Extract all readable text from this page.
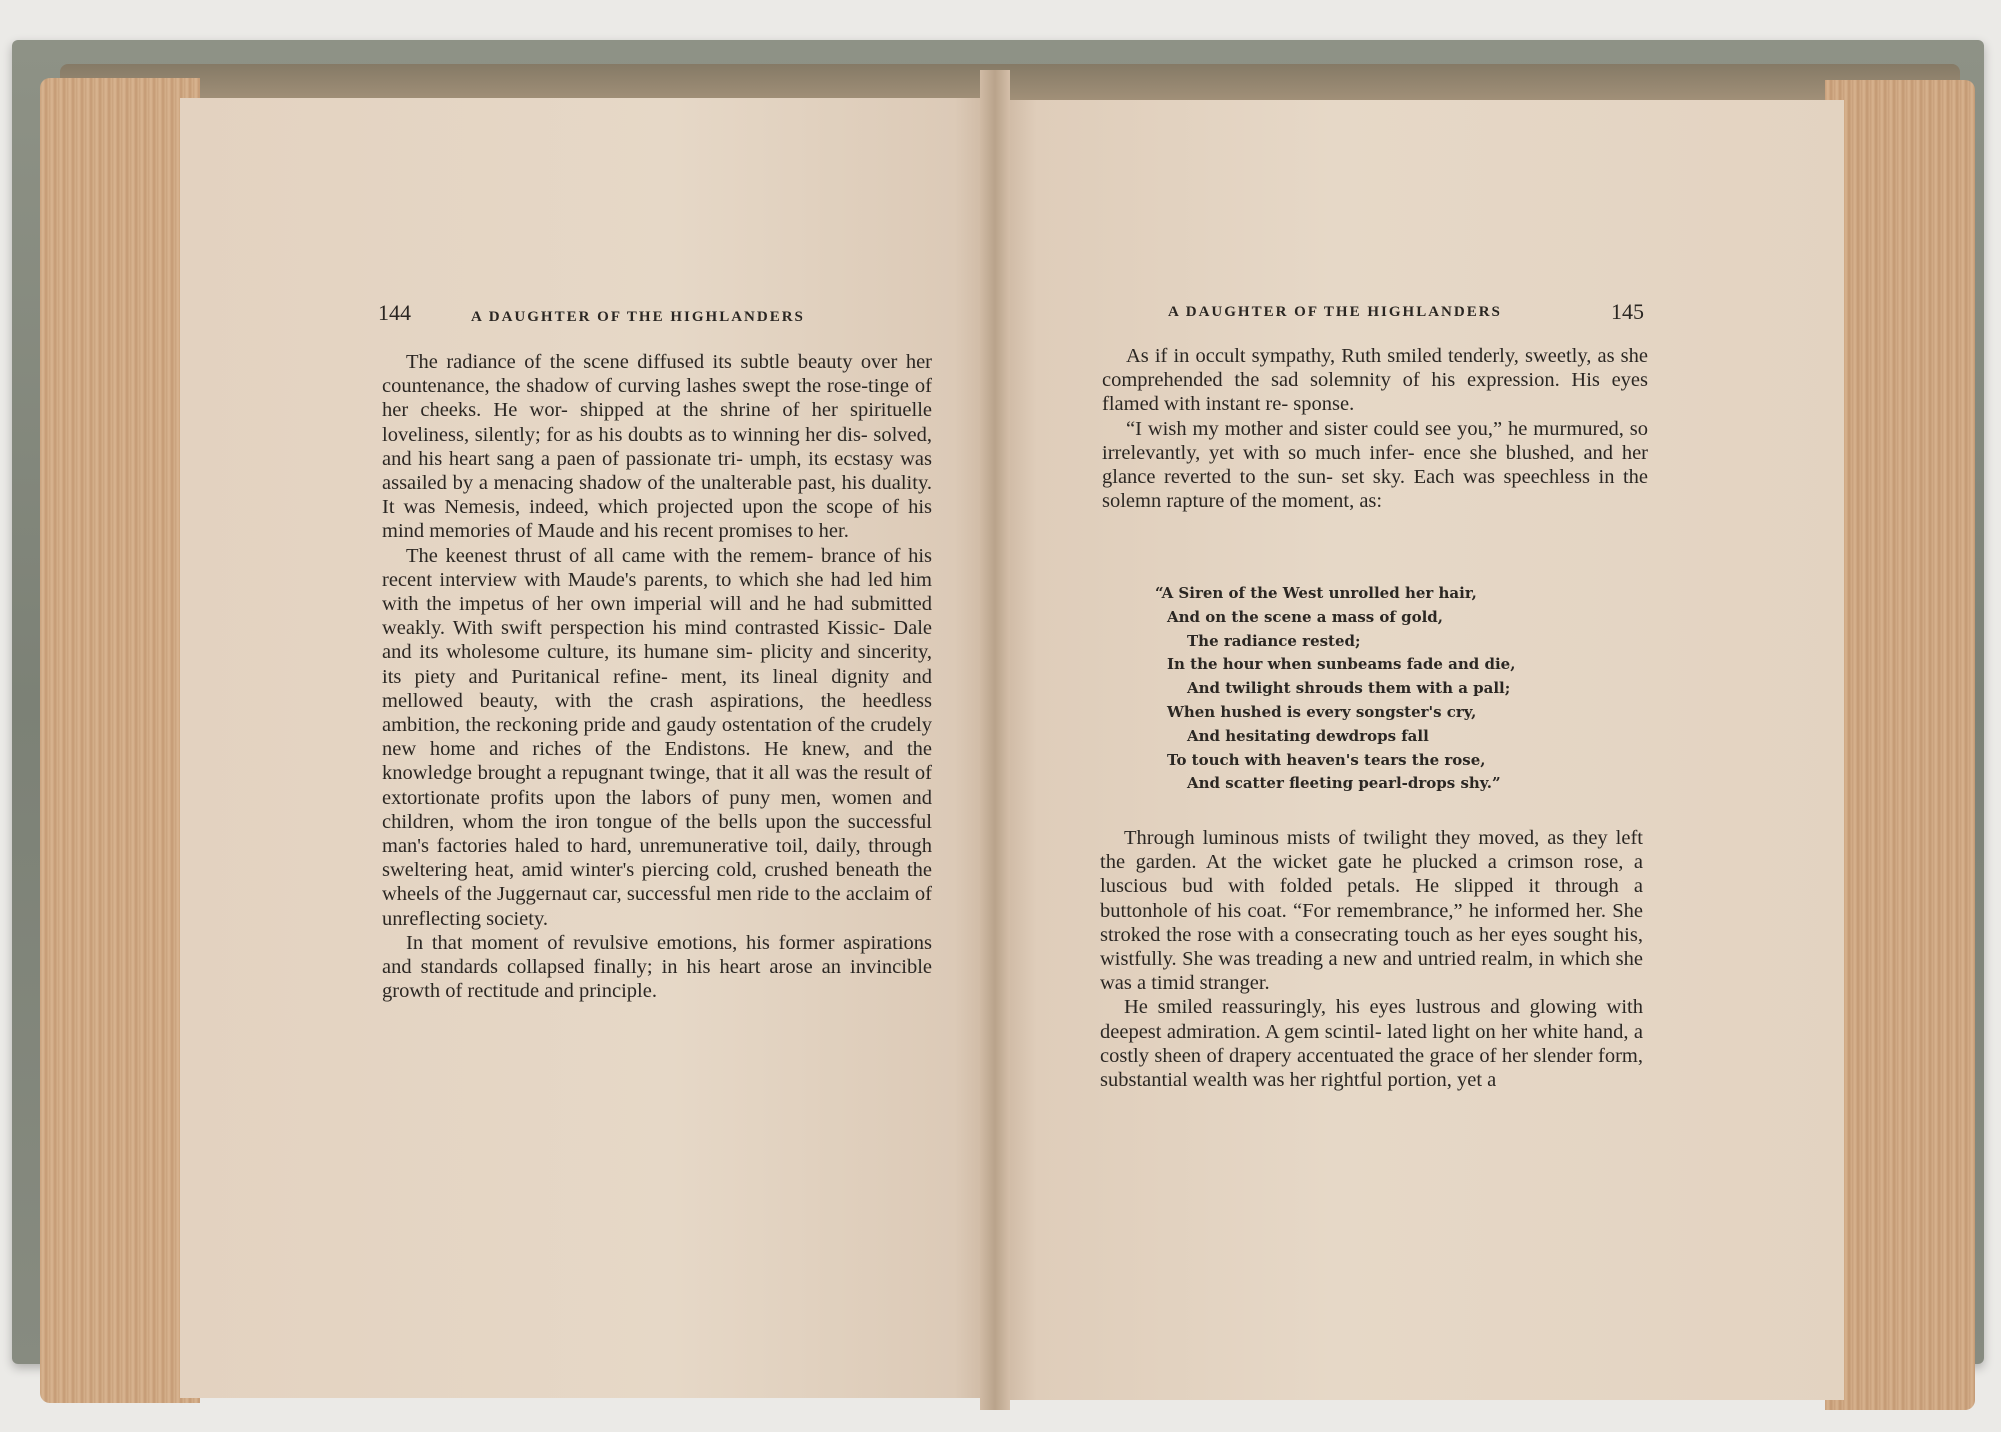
144	A DAUGHTER OF THE HIGHLANDERS

The radiance of the scene diffused its subtle beauty over her countenance, the shadow of curving lashes swept the rose-tinge of her cheeks. He wor- shipped at the shrine of her spirituelle loveliness, silently; for as his doubts as to winning her dis- solved, and his heart sang a paen of passionate tri- umph, its ecstasy was assailed by a menacing shadow of the unalterable past, his duality. It was Nemesis, indeed, which projected upon the scope of his mind memories of Maude and his recent promises to her.

The keenest thrust of all came with the remem- brance of his recent interview with Maude's parents, to which she had led him with the impetus of her own imperial will and he had submitted weakly. With swift perspection his mind contrasted Kissic- Dale and its wholesome culture, its humane sim- plicity and sincerity, its piety and Puritanical refine- ment, its lineal dignity and mellowed beauty, with the crash aspirations, the heedless ambition, the reckoning pride and gaudy ostentation of the crudely new home and riches of the Endistons. He knew, and the knowledge brought a repugnant twinge, that it all was the result of extortionate profits upon the labors of puny men, women and children, whom the iron tongue of the bells upon the successful man's factories haled to hard, unremunerative toil, daily, through sweltering heat, amid winter's piercing cold, crushed beneath the wheels of the Juggernaut car, successful men ride to the acclaim of unreflecting society.

In that moment of revulsive emotions, his former aspirations and standards collapsed finally; in his heart arose an invincible growth of rectitude and principle.

A DAUGHTER OF THE HIGHLANDERS	145

As if in occult sympathy, Ruth smiled tenderly, sweetly, as she comprehended the sad solemnity of his expression. His eyes flamed with instant re- sponse.

“I wish my mother and sister could see you,” he murmured, so irrelevantly, yet with so much infer- ence she blushed, and her glance reverted to the sun- set sky. Each was speechless in the solemn rapture of the moment, as:

“A Siren of the West unrolled her hair,
And on the scene a mass of gold,
The radiance rested;
In the hour when sunbeams fade and die,
And twilight shrouds them with a pall;
When hushed is every songster's cry,
And hesitating dewdrops fall
To touch with heaven's tears the rose,
And scatter fleeting pearl-drops shy.”

Through luminous mists of twilight they moved, as they left the garden. At the wicket gate he plucked a crimson rose, a luscious bud with folded petals. He slipped it through a buttonhole of his coat. “For remembrance,” he informed her. She stroked the rose with a consecrating touch as her eyes sought his, wistfully. She was treading a new and untried realm, in which she was a timid stranger.

He smiled reassuringly, his eyes lustrous and glowing with deepest admiration. A gem scintil- lated light on her white hand, a costly sheen of drapery accentuated the grace of her slender form, substantial wealth was her rightful portion, yet a
